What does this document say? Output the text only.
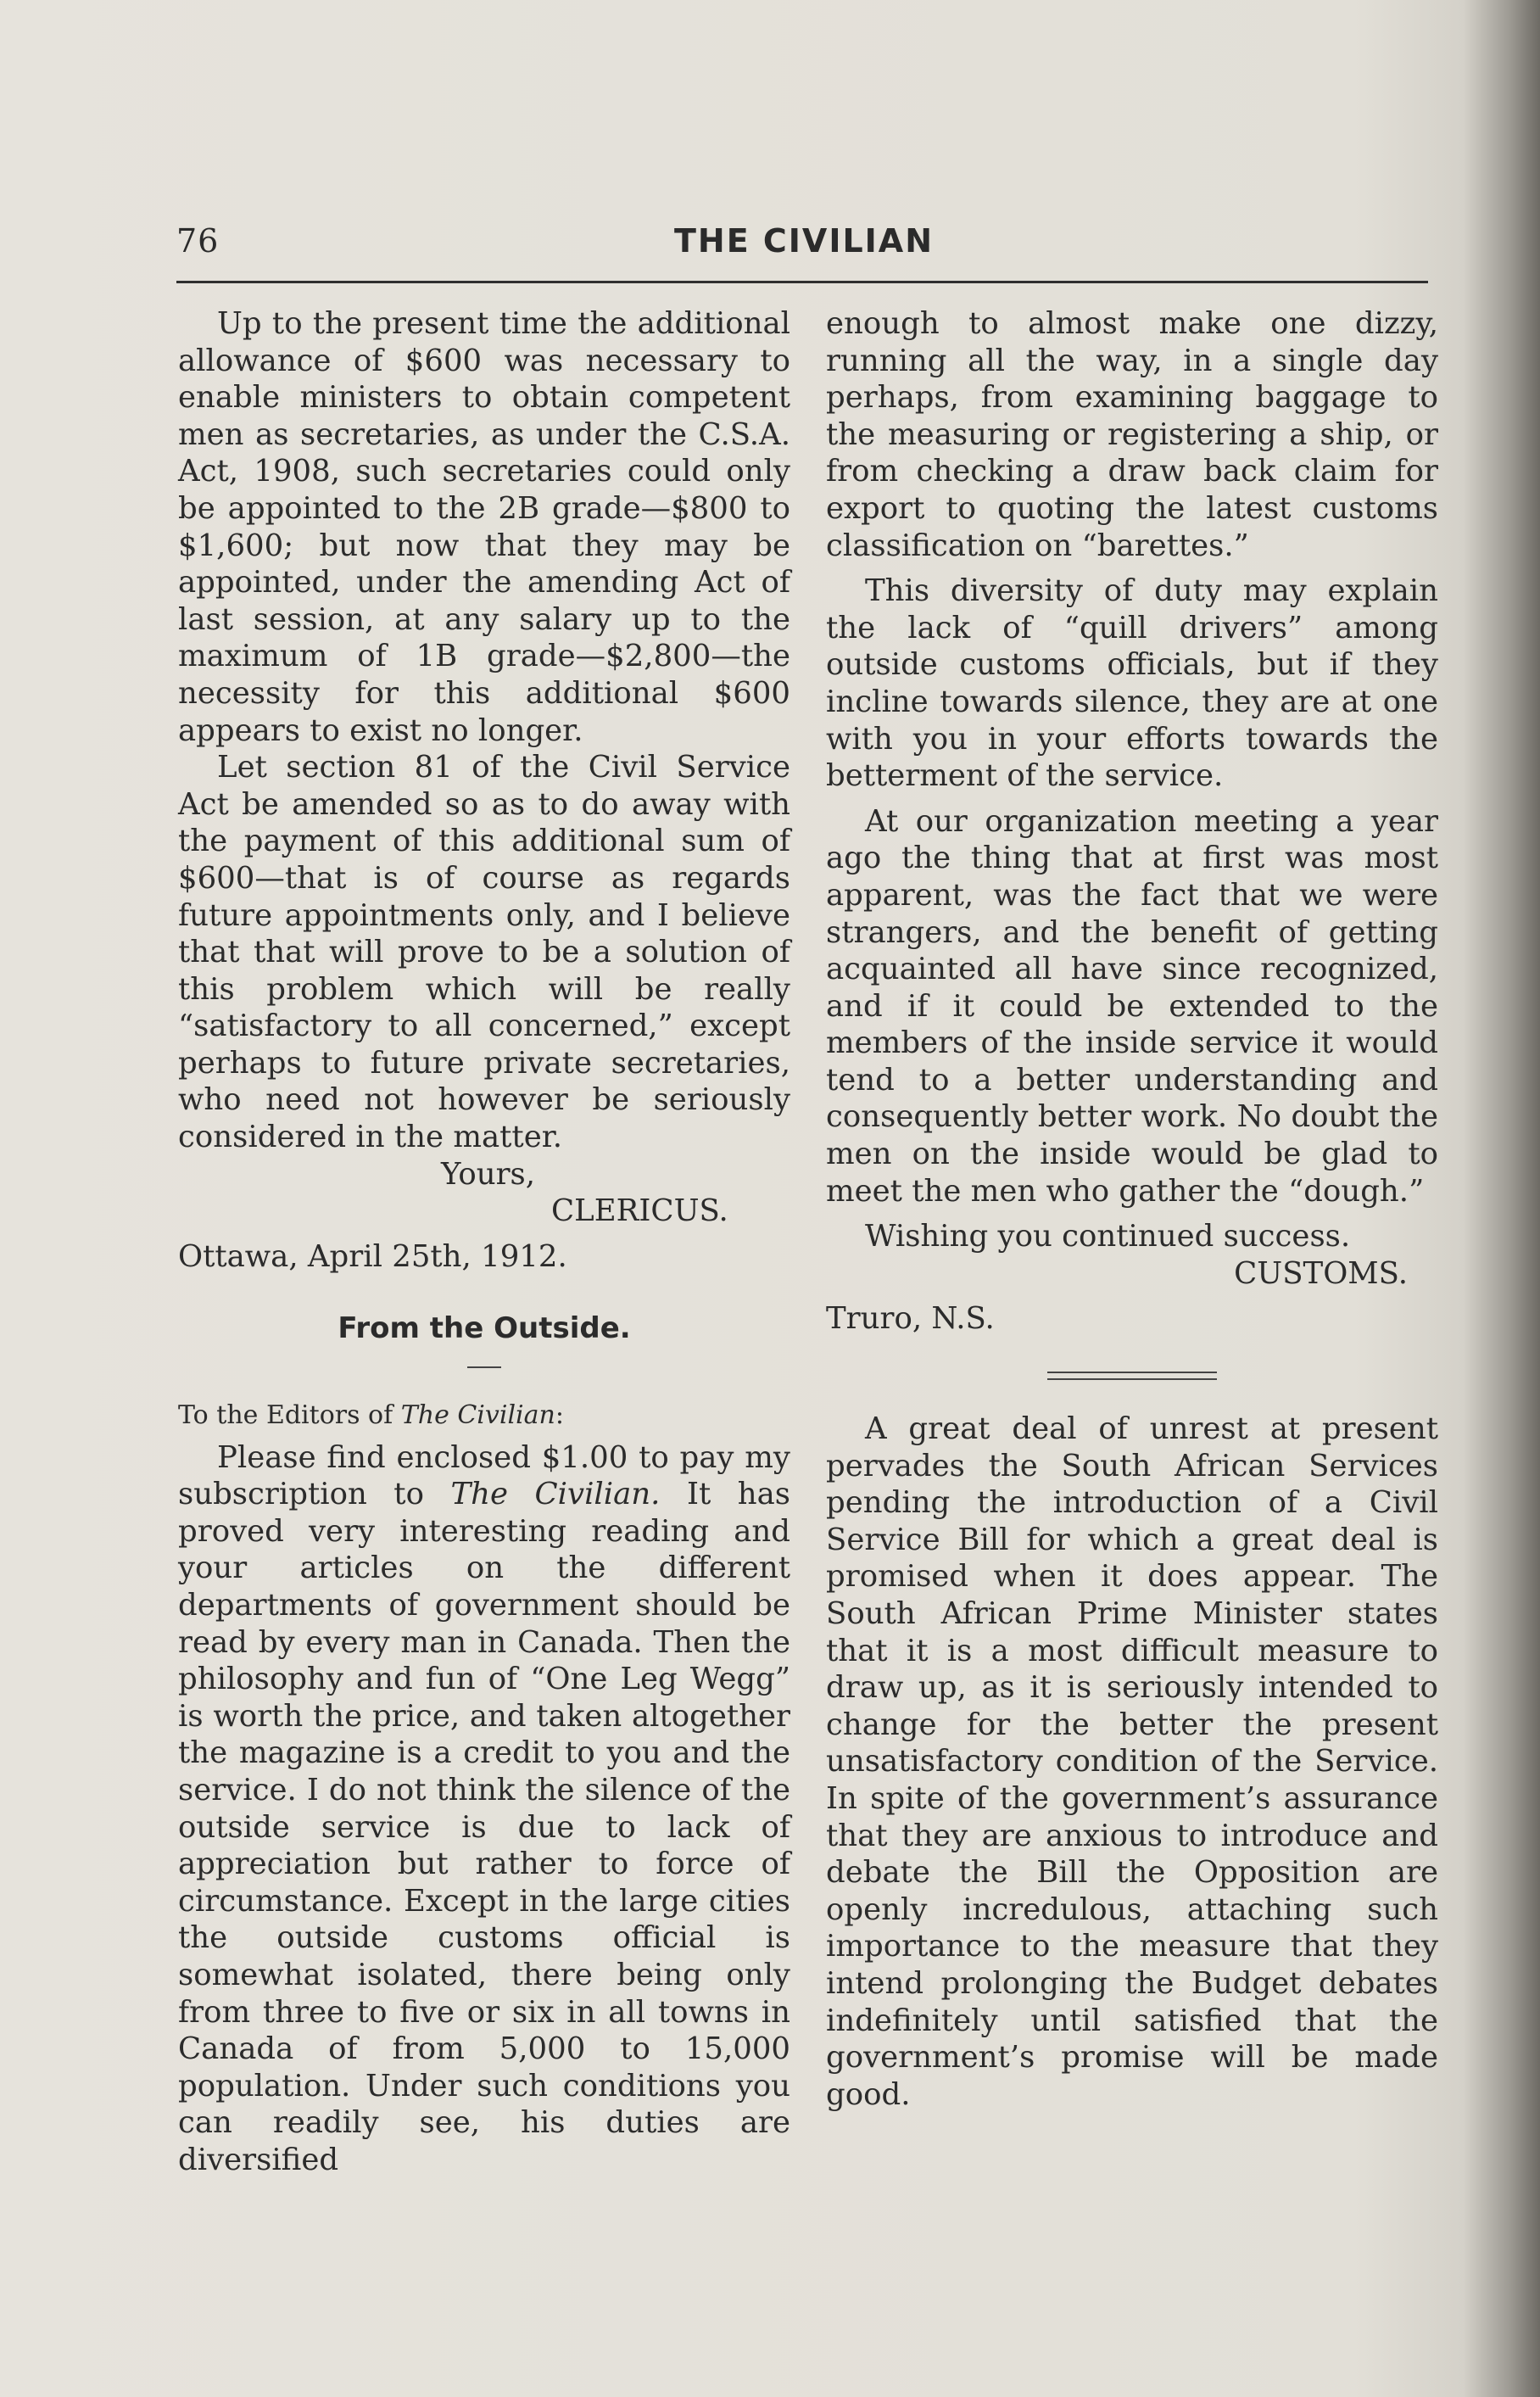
76	THE CIVILIAN

Up to the present time the additional allowance of $600 was necessary to enable ministers to obtain competent men as secretaries, as under the C.S.A. Act, 1908, such secretaries could only be appointed to the 2B grade—$800 to $1,600; but now that they may be appointed, under the amending Act of last session, at any salary up to the maximum of 1B grade—$2,800—the necessity for this additional $600 appears to exist no longer.

Let section 81 of the Civil Service Act be amended so as to do away with the payment of this additional sum of $600—that is of course as regards future appointments only, and I believe that that will prove to be a solution of this problem which will be really “satisfactory to all concerned,” except perhaps to future private secretaries, who need not however be seriously considered in the matter.

Yours,
CLERICUS.

Ottawa, April 25th, 1912.

From the Outside.

To the Editors of The Civilian:

Please find enclosed $1.00 to pay my subscription to The Civilian. It has proved very interesting reading and your articles on the different departments of government should be read by every man in Canada. Then the philosophy and fun of “One Leg Wegg” is worth the price, and taken altogether the magazine is a credit to you and the service. I do not think the silence of the outside service is due to lack of appreciation but rather to force of circumstance. Except in the large cities the outside customs official is somewhat isolated, there being only from three to five or six in all towns in Canada of from 5,000 to 15,000 population. Under such conditions you can readily see, his duties are diversified

enough to almost make one dizzy, running all the way, in a single day perhaps, from examining baggage to the measuring or registering a ship, or from checking a draw back claim for export to quoting the latest customs classification on “barettes.”

This diversity of duty may explain the lack of “quill drivers” among outside customs officials, but if they incline towards silence, they are at one with you in your efforts towards the betterment of the service.

At our organization meeting a year ago the thing that at first was most apparent, was the fact that we were strangers, and the benefit of getting acquainted all have since recognized, and if it could be extended to the members of the inside service it would tend to a better understanding and consequently better work. No doubt the men on the inside would be glad to meet the men who gather the “dough.”

Wishing you continued success.

CUSTOMS.

Truro, N.S.

A great deal of unrest at present pervades the South African Services pending the introduction of a Civil Service Bill for which a great deal is promised when it does appear. The South African Prime Minister states that it is a most difficult measure to draw up, as it is seriously intended to change for the better the present unsatisfactory condition of the Service. In spite of the government’s assurance that they are anxious to introduce and debate the Bill the Opposition are openly incredulous, attaching such importance to the measure that they intend prolonging the Budget debates indefinitely until satisfied that the government’s promise will be made good.
